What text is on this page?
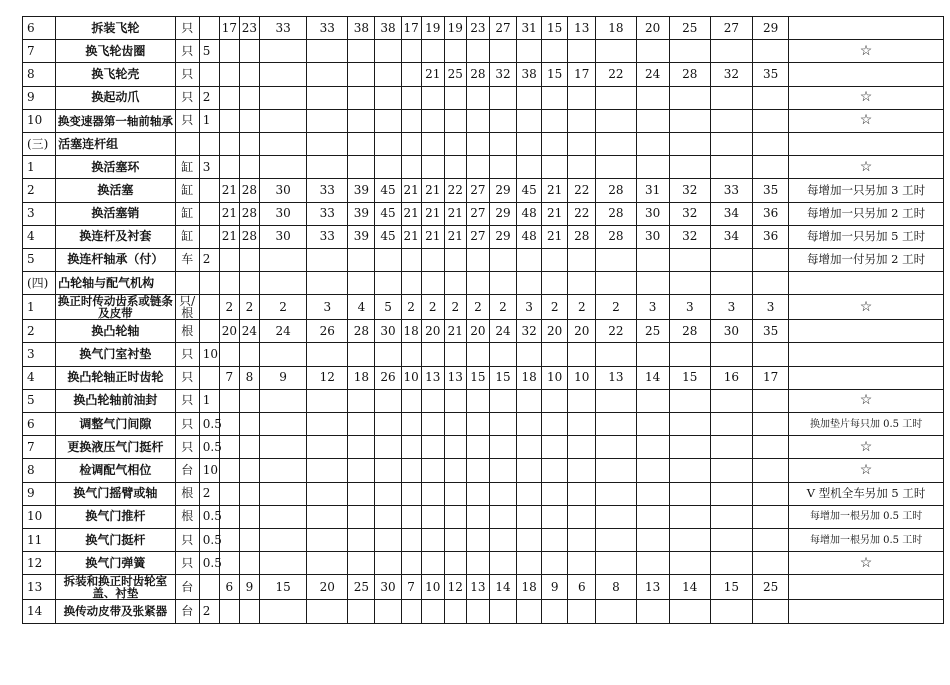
6	拆装飞轮	只		17	23	33	33	38	38	17	19	19	23	27	31	15	13	18	20	25	27	29	
7	换飞轮齿圈	只	5																				☆
8	换飞轮壳	只									21	25	28	32	38	15	17	22	24	28	32	35	
9	换起动爪	只	2																				☆
10	换变速器第一轴前轴承	只	1																				☆
(三)	活塞连杆组																						
1	换活塞环	缸	3																				☆
2	换活塞	缸		21	28	30	33	39	45	21	21	22	27	29	45	21	22	28	31	32	33	35	每增加一只另加 3 工时
3	换活塞销	缸		21	28	30	33	39	45	21	21	21	27	29	48	21	22	28	30	32	34	36	每增加一只另加 2 工时
4	换连杆及衬套	缸		21	28	30	33	39	45	21	21	21	27	29	48	21	28	28	30	32	34	36	每增加一只另加 5 工时
5	换连杆轴承（付）	车	2																				每增加一付另加 2 工时
(四)	凸轮轴与配气机构																						
1	换正时传动齿系或链条及皮带	只/根		2	2	2	3	4	5	2	2	2	2	2	3	2	2	2	3	3	3	3	☆
2	换凸轮轴	根		20	24	24	26	28	30	18	20	21	20	24	32	20	20	22	25	28	30	35	
3	换气门室衬垫	只	10																				
4	换凸轮轴正时齿轮	只		7	8	9	12	18	26	10	13	13	15	15	18	10	10	13	14	15	16	17	
5	换凸轮轴前油封	只	1																				☆
6	调整气门间隙	只	0.5																				换加垫片每只加 0.5 工时
7	更换液压气门挺杆	只	0.5																				☆
8	检调配气相位	台	10																				☆
9	换气门摇臂或轴	根	2																				V 型机全车另加 5 工时
10	换气门推杆	根	0.5																				每增加一根另加 0.5 工时
11	换气门挺杆	只	0.5																				每增加一根另加 0.5 工时
12	换气门弹簧	只	0.5																				☆
13	拆装和换正时齿轮室盖、衬垫	台		6	9	15	20	25	30	7	10	12	13	14	18	9	6	8	13	14	15	25	
14	换传动皮带及张紧器	台	2																				
